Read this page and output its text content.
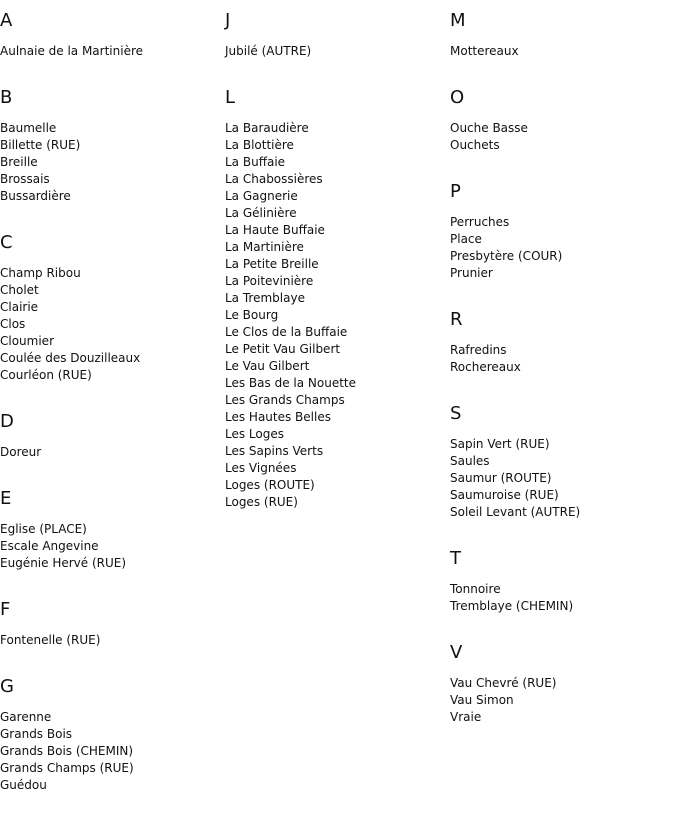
A
Aulnaie de la Martinière
B
Baumelle
Billette (RUE)
Breille
Brossais
Bussardière
C
Champ Ribou
Cholet
Clairie
Clos
Cloumier
Coulée des Douzilleaux
Courléon (RUE)
D
Doreur
E
Eglise (PLACE)
Escale Angevine
Eugénie Hervé (RUE)
F
Fontenelle (RUE)
G
Garenne
Grands Bois
Grands Bois (CHEMIN)
Grands Champs (RUE)
Guédou
J
Jubilé (AUTRE)
L
La Baraudière
La Blottière
La Buffaie
La Chabossières
La Gagnerie
La Gélinière
La Haute Buffaie
La Martinière
La Petite Breille
La Poitevinière
La Tremblaye
Le Bourg
Le Clos de la Buffaie
Le Petit Vau Gilbert
Le Vau Gilbert
Les Bas de la Nouette
Les Grands Champs
Les Hautes Belles
Les Loges
Les Sapins Verts
Les Vignées
Loges (ROUTE)
Loges (RUE)
M
Mottereaux
O
Ouche Basse
Ouchets
P
Perruches
Place
Presbytère (COUR)
Prunier
R
Rafredins
Rochereaux
S
Sapin Vert (RUE)
Saules
Saumur (ROUTE)
Saumuroise (RUE)
Soleil Levant (AUTRE)
T
Tonnoire
Tremblaye (CHEMIN)
V
Vau Chevré (RUE)
Vau Simon
Vraie
